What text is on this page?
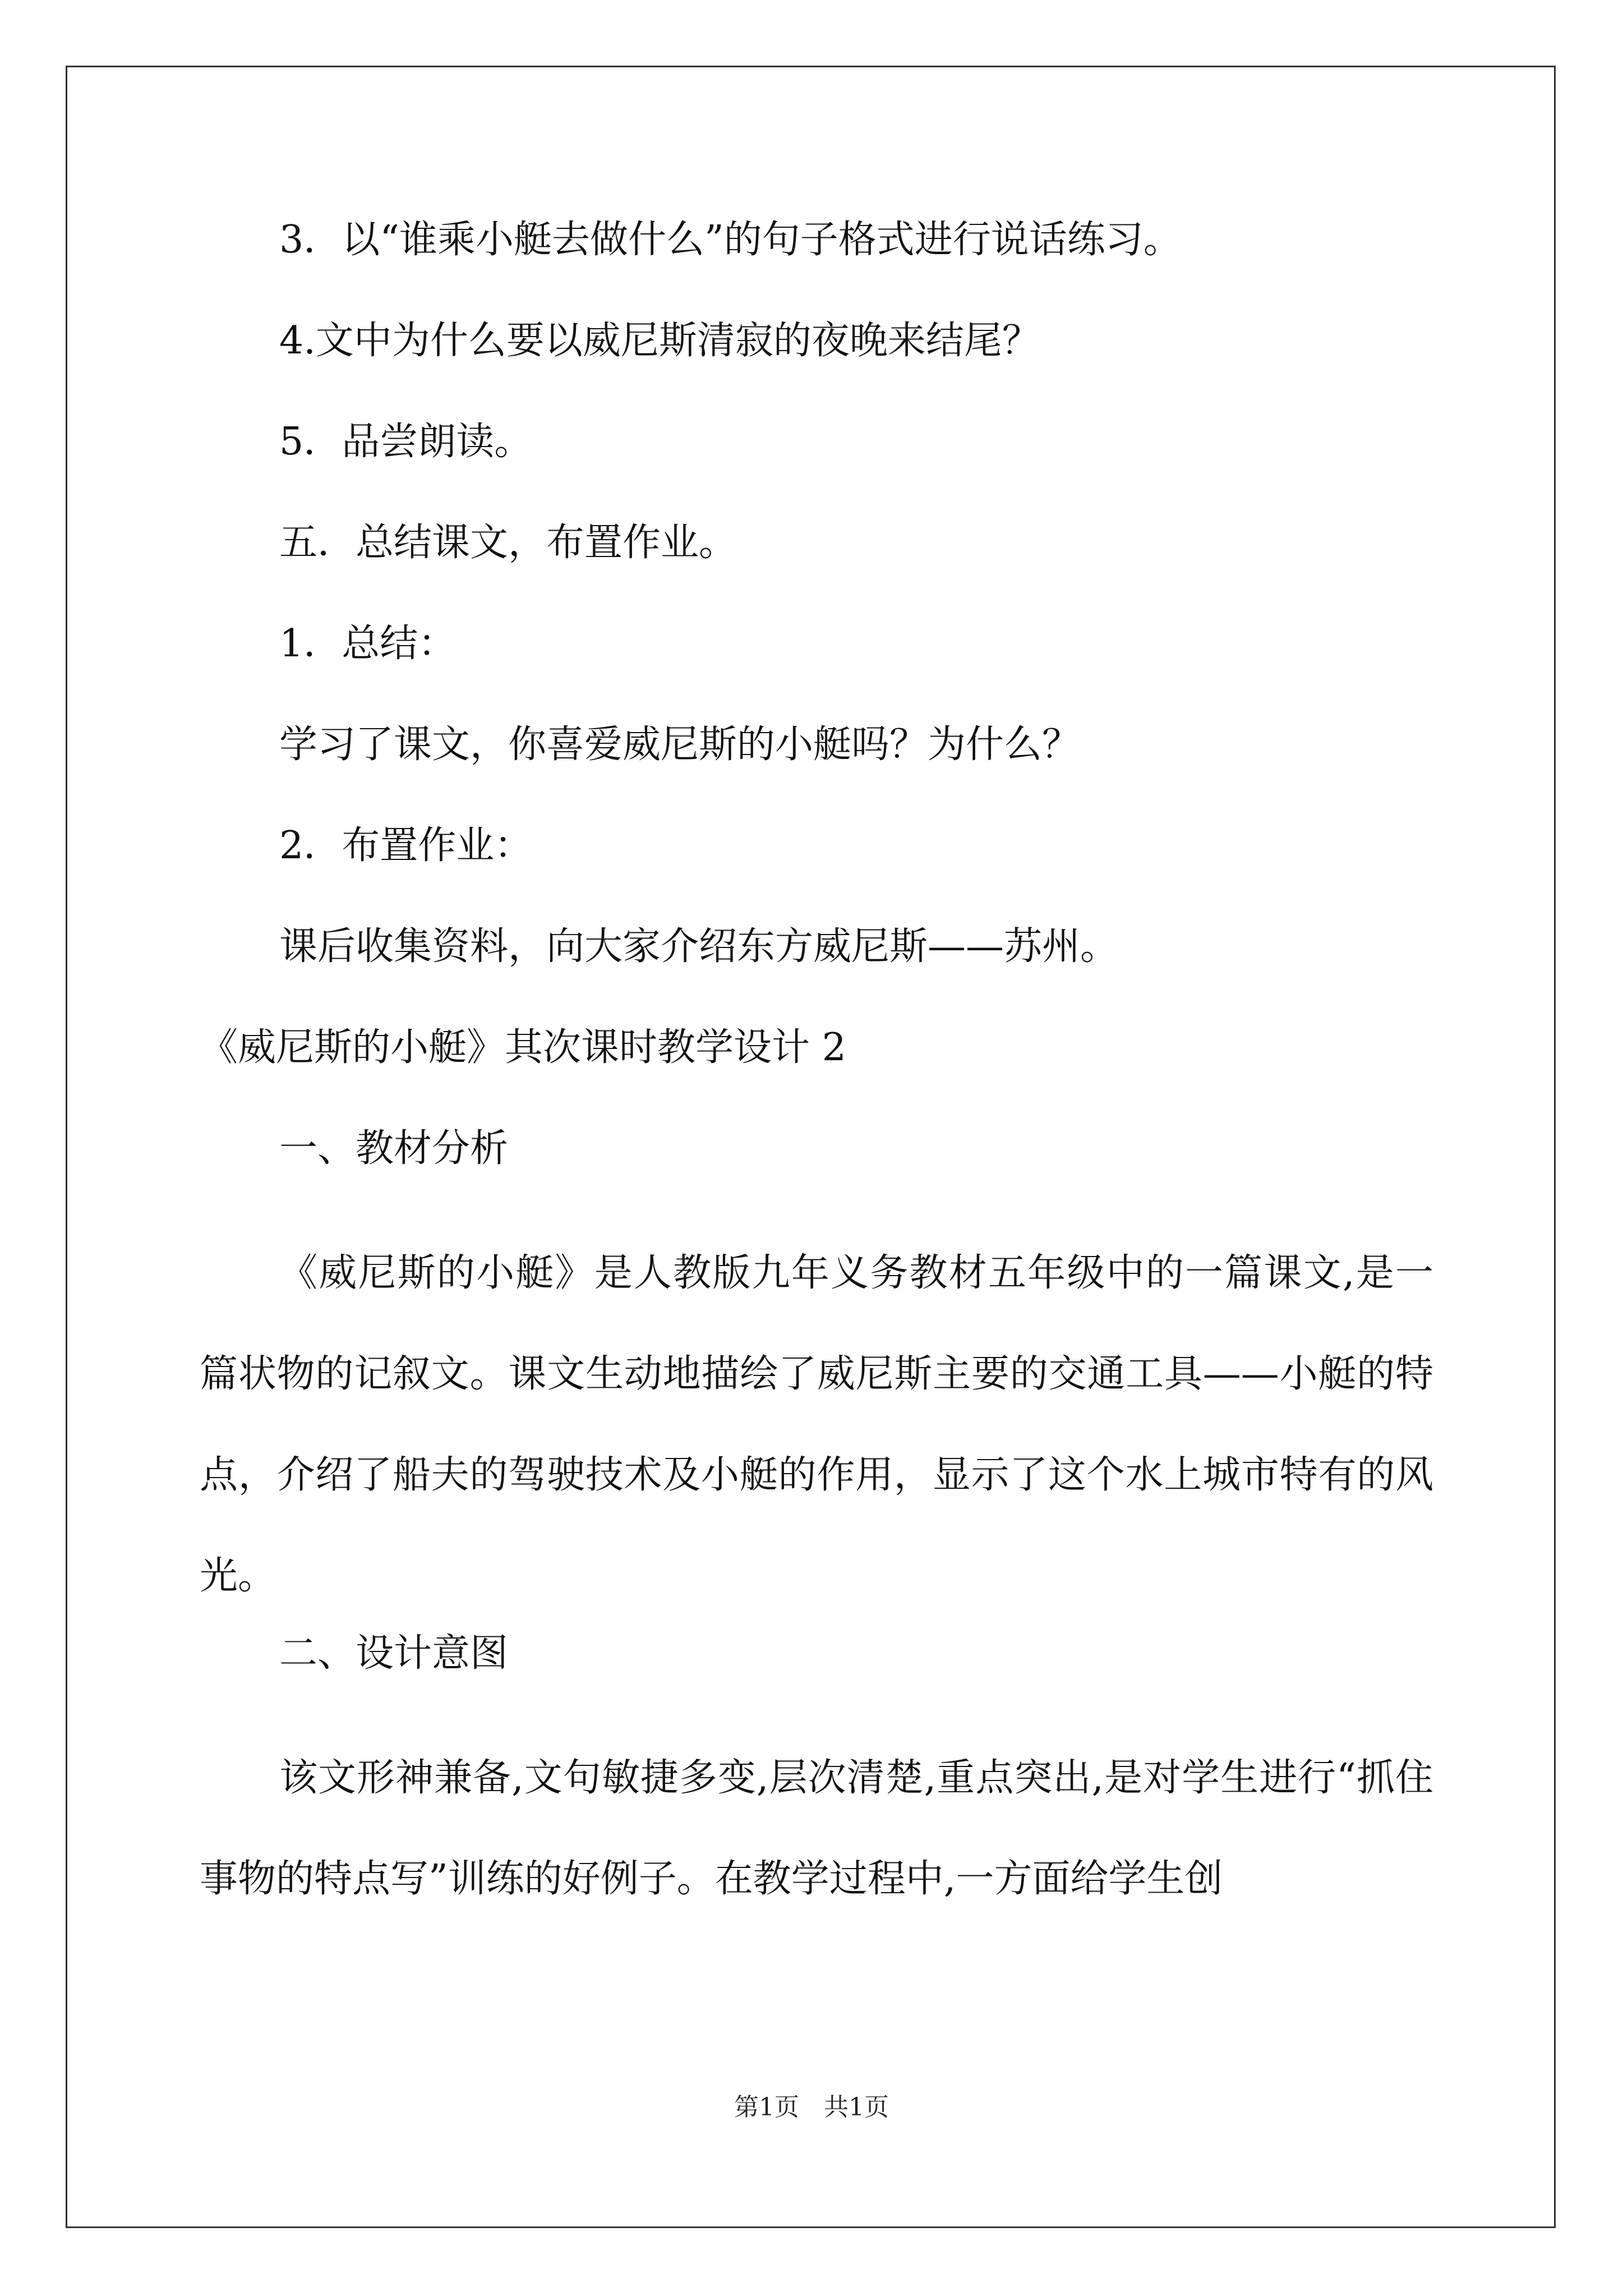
3．以“谁乘小艇去做什么”的句子格式进行说话练习。
4.文中为什么要以威尼斯清寂的夜晚来结尾？
5．品尝朗读。
五．总结课文，布置作业。
1．总结：
学习了课文，你喜爱威尼斯的小艇吗？为什么？
2．布置作业：
课后收集资料，向大家介绍东方威尼斯——苏州。
《威尼斯的小艇》其次课时教学设计 2
一、教材分析

《威尼斯的小艇》是人教版九年义务教材五年级中的一篇课文,是一篇状物的记叙文。课文生动地描绘了威尼斯主要的交通工具——小艇的特点，介绍了船夫的驾驶技术及小艇的作用，显示了这个水上城市特有的风光。

二、设计意图

该文形神兼备,文句敏捷多变,层次清楚,重点突出,是对学生进行“抓住事物的特点写”训练的好例子。在教学过程中,一方面给学生创

第1页　共1页
